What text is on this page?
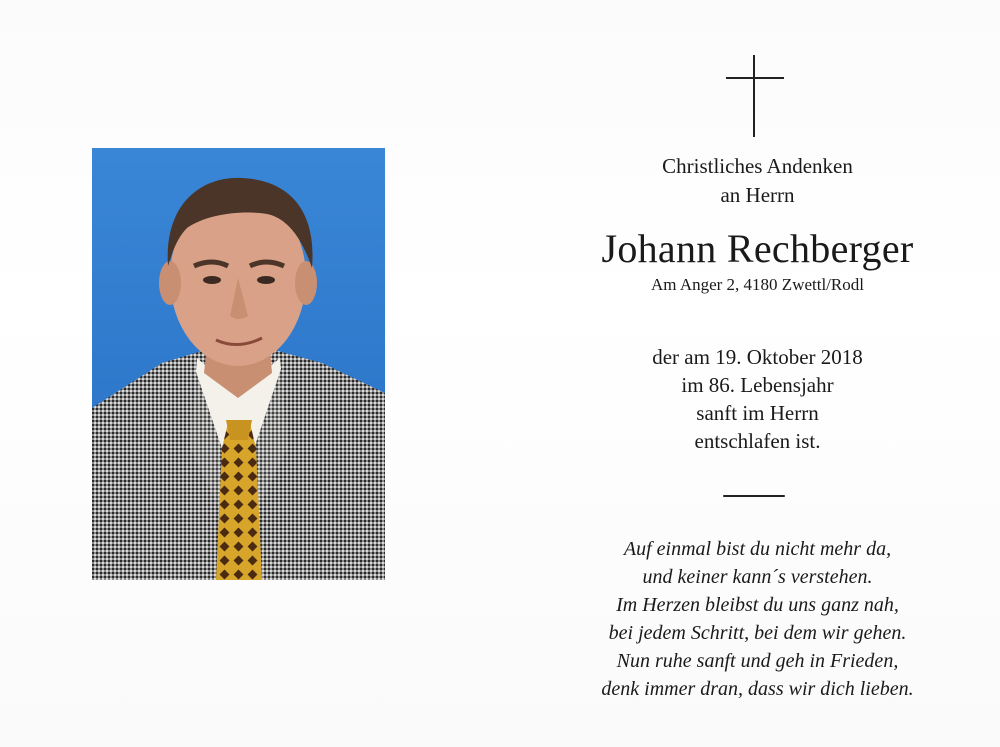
Christliches Andenken
an Herrn
Johann Rechberger
Am Anger 2, 4180 Zwettl/Rodl
der am 19. Oktober 2018
im 86. Lebensjahr
sanft im Herrn
entschlafen ist.
Auf einmal bist du nicht mehr da,
und keiner kann´s verstehen.
Im Herzen bleibst du uns ganz nah,
bei jedem Schritt, bei dem wir gehen.
Nun ruhe sanft und geh in Frieden,
denk immer dran, dass wir dich lieben.
